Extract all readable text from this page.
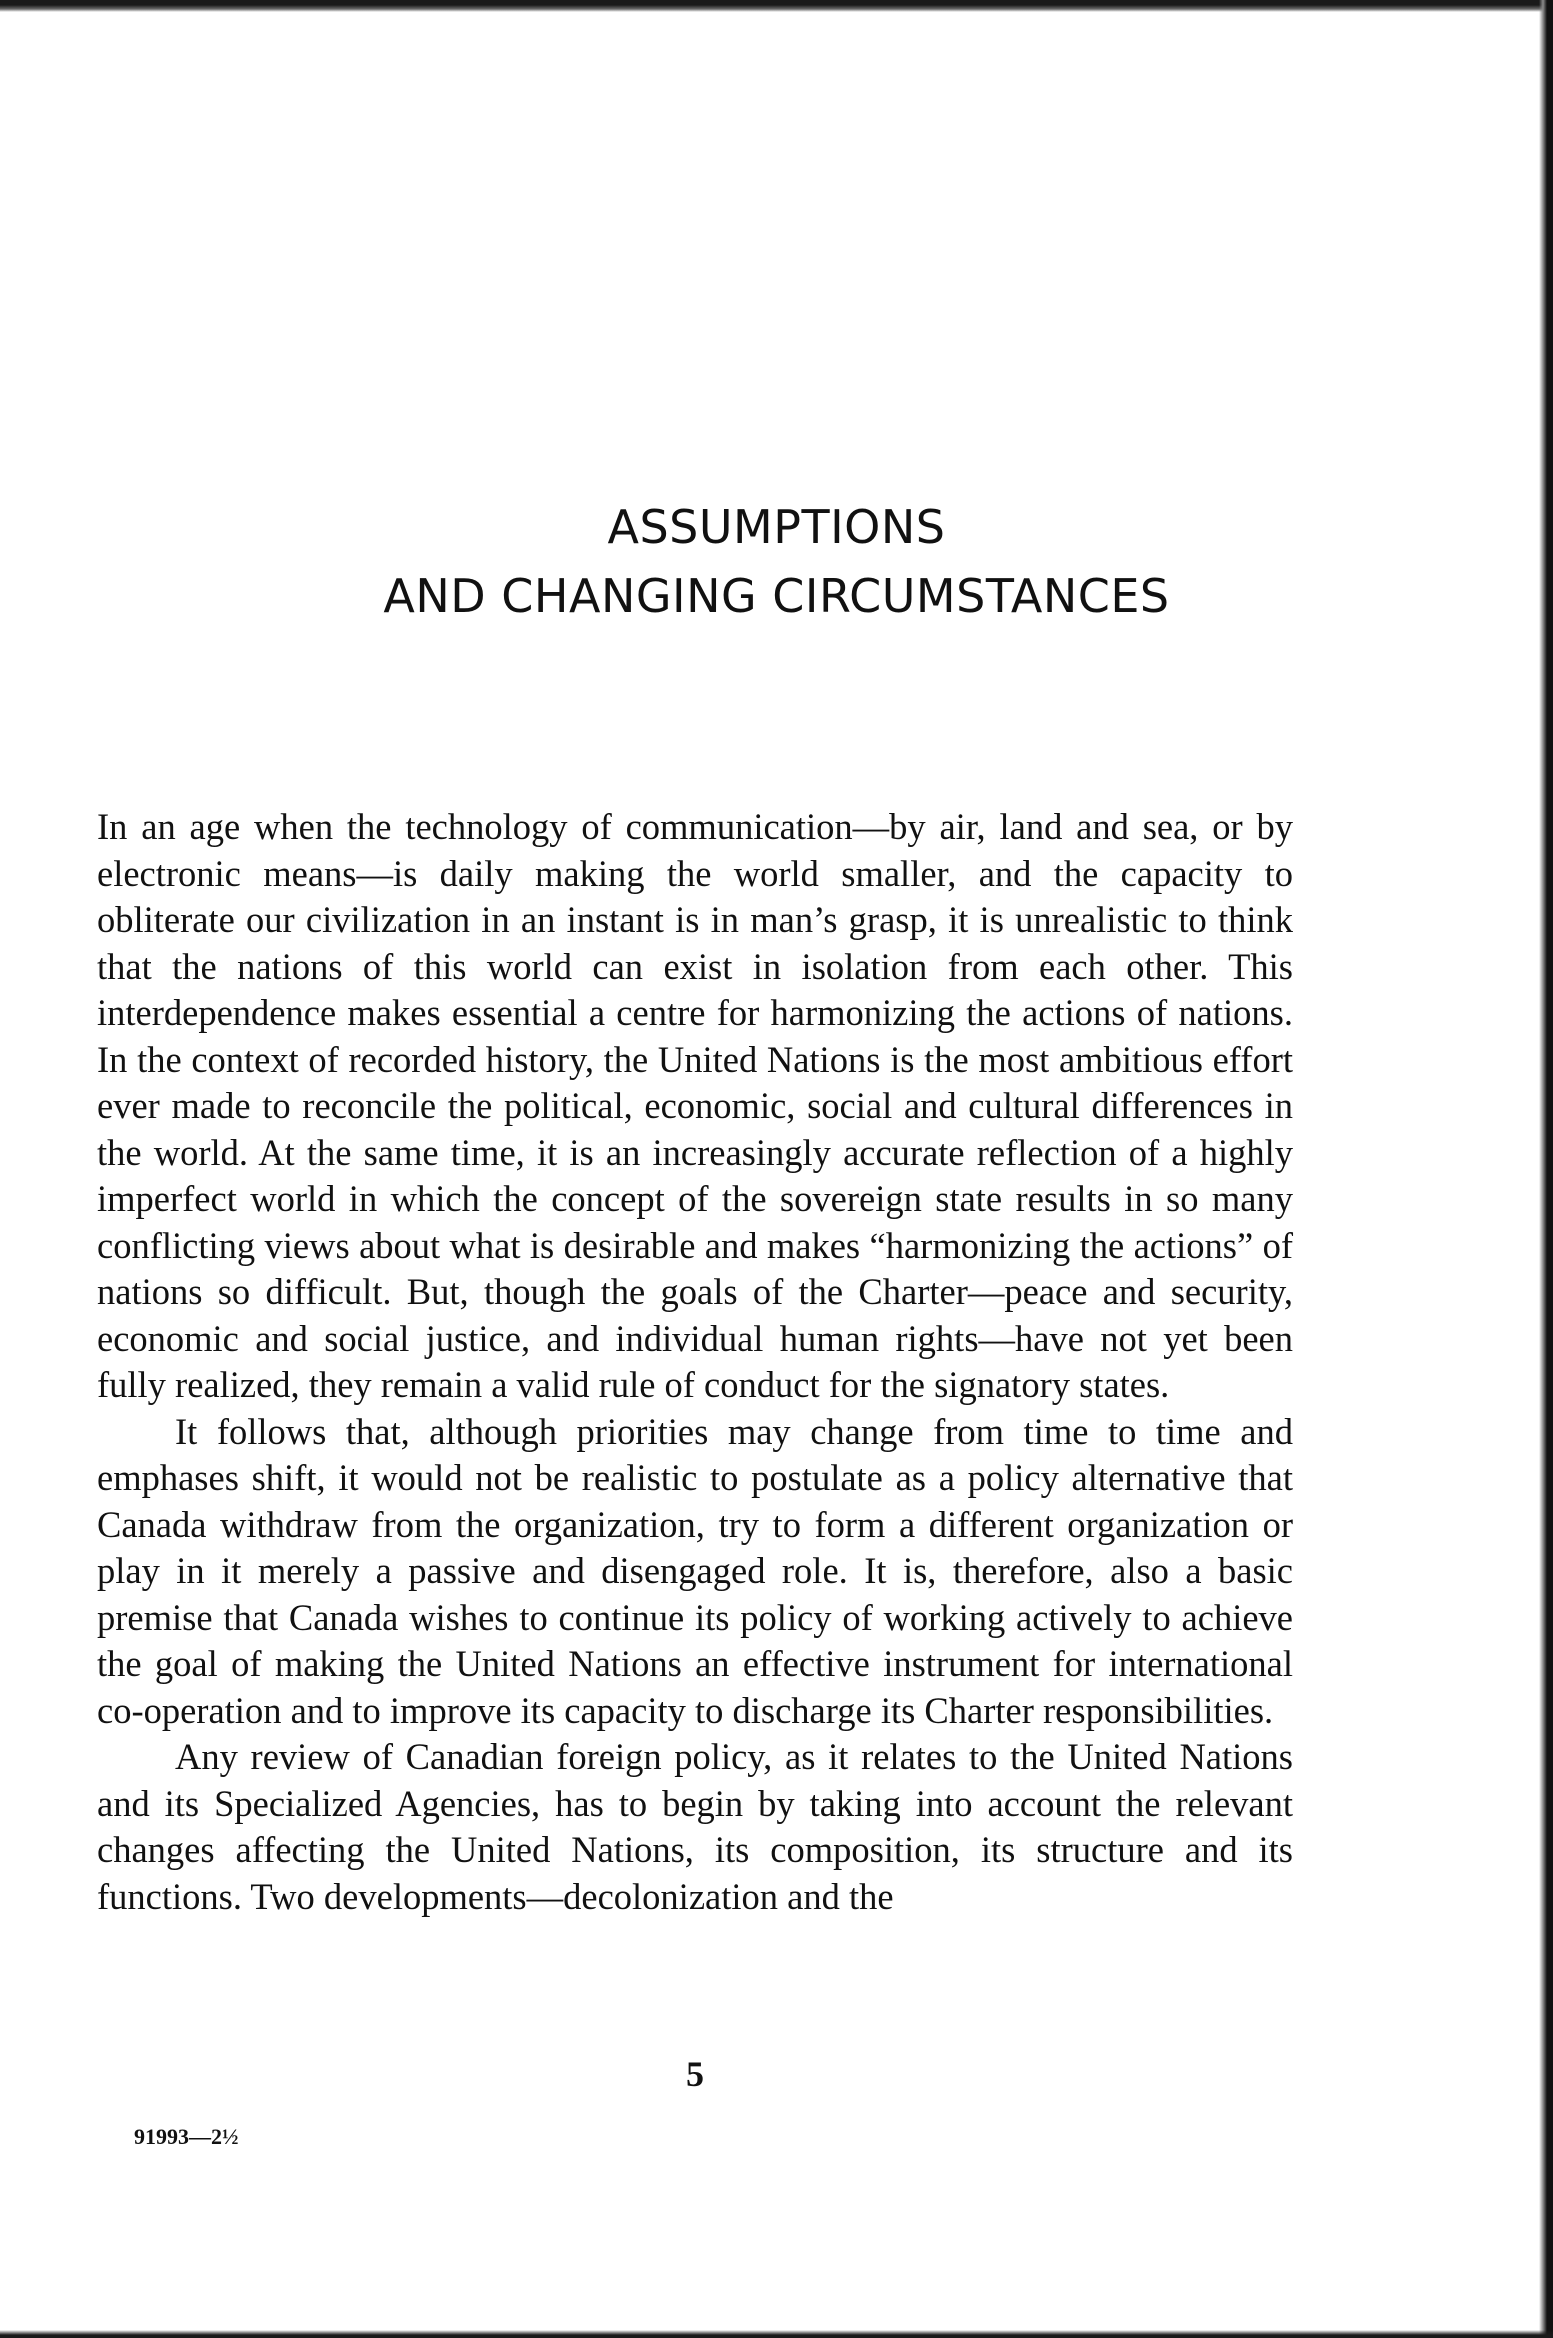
ASSUMPTIONS
AND CHANGING CIRCUMSTANCES

In an age when the technology of communication—by air, land and sea, or by electronic means—is daily making the world smaller, and the capacity to obliterate our civilization in an instant is in man’s grasp, it is unrealistic to think that the nations of this world can exist in isolation from each other. This interdependence makes essential a centre for harmonizing the actions of nations. In the context of recorded history, the United Nations is the most ambitious effort ever made to reconcile the political, economic, social and cultural differences in the world. At the same time, it is an increasingly accurate reflection of a highly imperfect world in which the concept of the sovereign state results in so many conflicting views about what is desirable and makes “harmonizing the actions” of nations so difficult. But, though the goals of the Charter—peace and security, economic and social justice, and individual human rights—have not yet been fully realized, they remain a valid rule of conduct for the signatory states.

It follows that, although priorities may change from time to time and emphases shift, it would not be realistic to postulate as a policy alternative that Canada withdraw from the organization, try to form a different organization or play in it merely a passive and disengaged role. It is, therefore, also a basic premise that Canada wishes to continue its policy of working actively to achieve the goal of making the United Nations an effective instrument for international co-operation and to improve its capacity to discharge its Charter responsibilities.

Any review of Canadian foreign policy, as it relates to the United Nations and its Specialized Agencies, has to begin by taking into account the relevant changes affecting the United Nations, its composition, its structure and its functions. Two developments—decolonization and the

5
91993—2½
